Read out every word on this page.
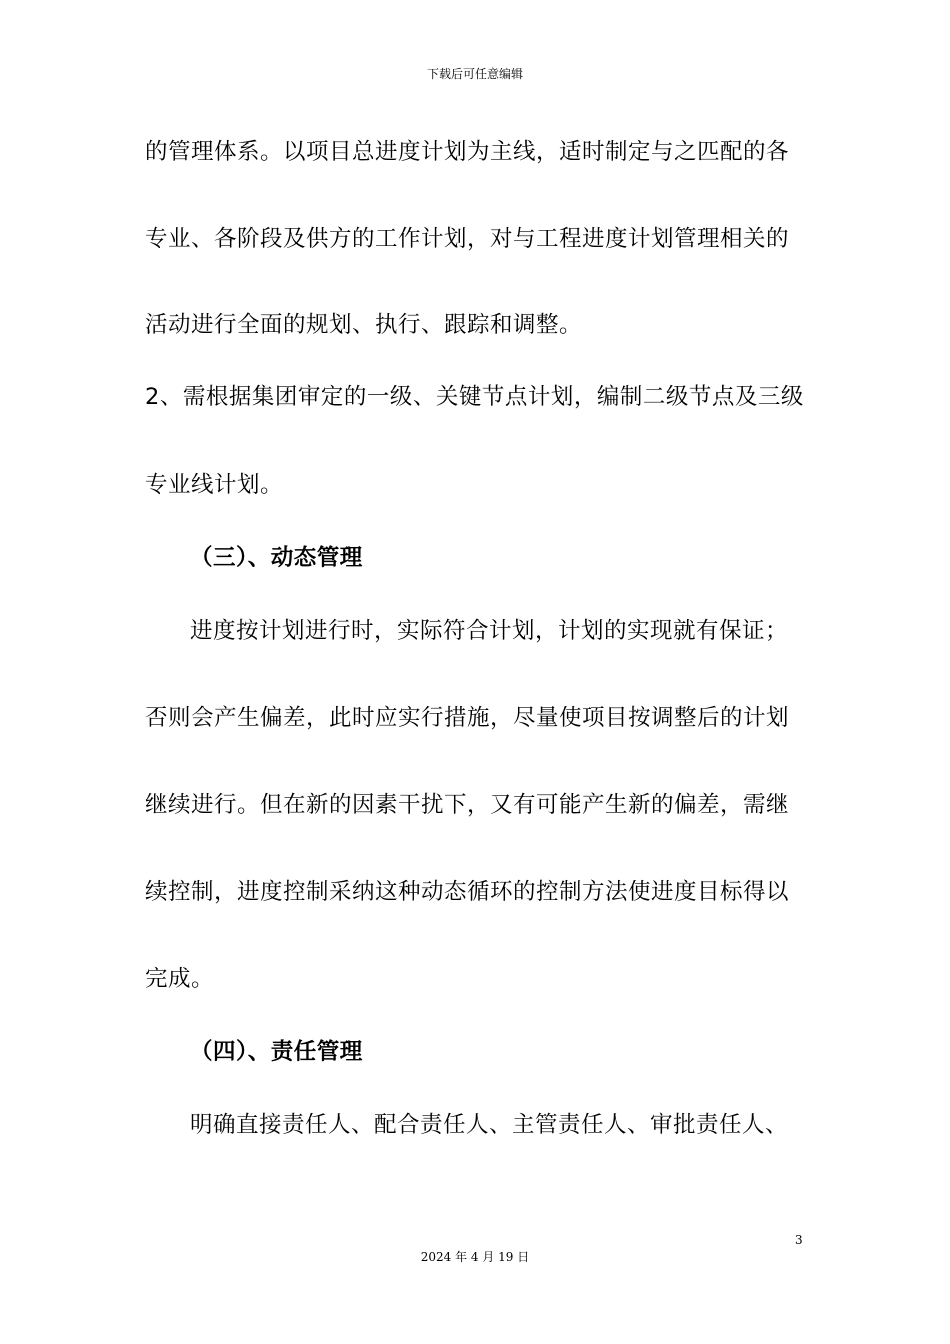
下载后可任意编辑
的管理体系。以项目总进度计划为主线，适时制定与之匹配的各
专业、各阶段及供方的工作计划，对与工程进度计划管理相关的
活动进行全面的规划、执行、跟踪和调整。
2、需根据集团审定的一级、关键节点计划，编制二级节点及三级
专业线计划。
（三）、动态管理
进度按计划进行时，实际符合计划，计划的实现就有保证；
否则会产生偏差，此时应实行措施，尽量使项目按调整后的计划
继续进行。但在新的因素干扰下，又有可能产生新的偏差，需继
续控制，进度控制采纳这种动态循环的控制方法使进度目标得以
完成。
（四）、责任管理
明确直接责任人、配合责任人、主管责任人、审批责任人、
3
2024 年 4 月 19 日
